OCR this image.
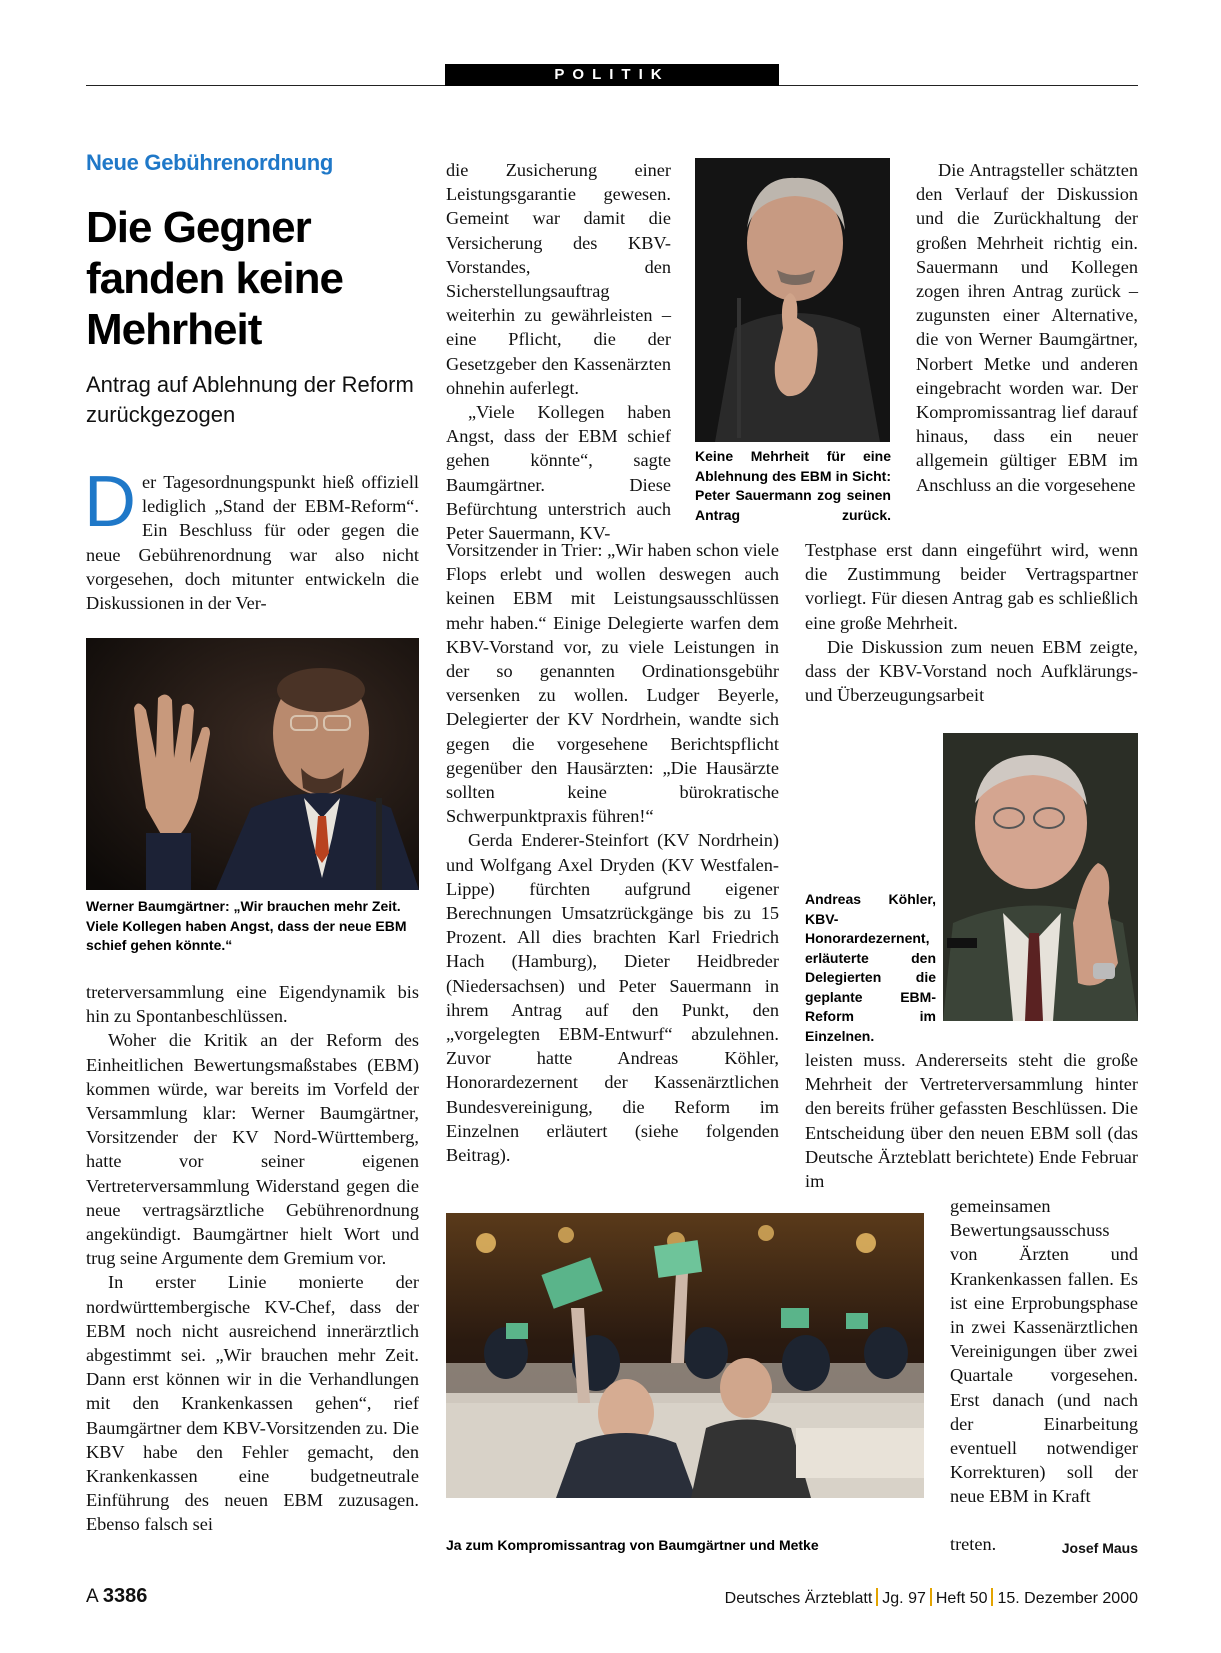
POLITIK
Neue Gebührenordnung
Die Gegner fanden keine Mehrheit
Antrag auf Ablehnung der Reform zurückgezogen

Der Tagesordnungspunkt hieß offiziell lediglich „Stand der EBM-Reform“. Ein Beschluss für oder gegen die neue Gebührenordnung war also nicht vorgesehen, doch mitunter entwickeln die Diskussionen in der Ver-

Werner Baumgärtner: „Wir brauchen mehr Zeit. Viele Kollegen haben Angst, dass der neue EBM schief gehen könnte.“

treterversammlung eine Eigendynamik bis hin zu Spontanbeschlüssen.

Woher die Kritik an der Reform des Einheitlichen Bewertungsmaßstabes (EBM) kommen würde, war bereits im Vorfeld der Versammlung klar: Werner Baumgärtner, Vorsitzender der KV Nord-Württemberg, hatte vor seiner eigenen Vertreterversammlung Widerstand gegen die neue vertragsärztliche Gebührenordnung angekündigt. Baumgärtner hielt Wort und trug seine Argumente dem Gremium vor.

In erster Linie monierte der nordwürttembergische KV-Chef, dass der EBM noch nicht ausreichend innerärztlich abgestimmt sei. „Wir brauchen mehr Zeit. Dann erst können wir in die Verhandlungen mit den Krankenkassen gehen“, rief Baumgärtner dem KBV-Vorsitzenden zu. Die KBV habe den Fehler gemacht, den Krankenkassen eine budgetneutrale Einführung des neuen EBM zuzusagen. Ebenso falsch sei

die Zusicherung einer Leistungsgarantie gewesen. Gemeint war damit die Versicherung des KBV-Vorstandes, den Sicherstellungsauftrag weiterhin zu gewährleisten – eine Pflicht, die der Gesetzgeber den Kassenärzten ohnehin auferlegt.

„Viele Kollegen haben Angst, dass der EBM schief gehen könnte“, sagte Baumgärtner. Diese Befürchtung unterstrich auch Peter Sauermann, KV-

Keine Mehrheit für eine Ablehnung des EBM in Sicht: Peter Sauermann zog seinen Antrag zurück.

Die Antragsteller schätzten den Verlauf der Diskussion und die Zurückhaltung der großen Mehrheit richtig ein. Sauermann und Kollegen zogen ihren Antrag zurück – zugunsten einer Alternative, die von Werner Baumgärtner, Norbert Metke und anderen eingebracht worden war. Der Kompromissantrag lief darauf hinaus, dass ein neuer allgemein gültiger EBM im Anschluss an die vorgesehene

Vorsitzender in Trier: „Wir haben schon viele Flops erlebt und wollen deswegen auch keinen EBM mit Leistungsausschlüssen mehr haben.“ Einige Delegierte warfen dem KBV-Vorstand vor, zu viele Leistungen in der so genannten Ordinationsgebühr versenken zu wollen. Ludger Beyerle, Delegierter der KV Nordrhein, wandte sich gegen die vorgesehene Berichtspflicht gegenüber den Hausärzten: „Die Hausärzte sollten keine bürokratische Schwerpunktpraxis führen!“

Gerda Enderer-Steinfort (KV Nordrhein) und Wolfgang Axel Dryden (KV Westfalen-Lippe) fürchten aufgrund eigener Berechnungen Umsatzrückgänge bis zu 15 Prozent. All dies brachten Karl Friedrich Hach (Hamburg), Dieter Heidbreder (Niedersachsen) und Peter Sauermann in ihrem Antrag auf den Punkt, den „vorgelegten EBM-Entwurf“ abzulehnen. Zuvor hatte Andreas Köhler, Honorardezernent der Kassenärztlichen Bundesvereinigung, die Reform im Einzelnen erläutert (siehe folgenden Beitrag).

Testphase erst dann eingeführt wird, wenn die Zustimmung beider Vertragspartner vorliegt. Für diesen Antrag gab es schließlich eine große Mehrheit.

Die Diskussion zum neuen EBM zeigte, dass der KBV-Vorstand noch Aufklärungs- und Überzeugungsarbeit

Andreas Köhler, KBV-Honorardezernent, erläuterte den Delegierten die geplante EBM-Reform im Einzelnen.

leisten muss. Andererseits steht die große Mehrheit der Vertreterversammlung hinter den bereits früher gefassten Beschlüssen. Die Entscheidung über den neuen EBM soll (das Deutsche Ärzteblatt berichtete) Ende Februar im

gemeinsamen Bewertungsausschuss von Ärzten und Krankenkassen fallen. Es ist eine Erprobungsphase in zwei Kassenärztlichen Vereinigungen über zwei Quartale vorgesehen. Erst danach (und nach der Einarbeitung eventuell notwendiger Korrekturen) soll der neue EBM in Kraft

treten.	Josef Maus

Ja zum Kompromissantrag von Baumgärtner und Metke
A 3386	Deutsches Ärzteblatt Jg. 97 Heft 50 15. Dezember 2000
